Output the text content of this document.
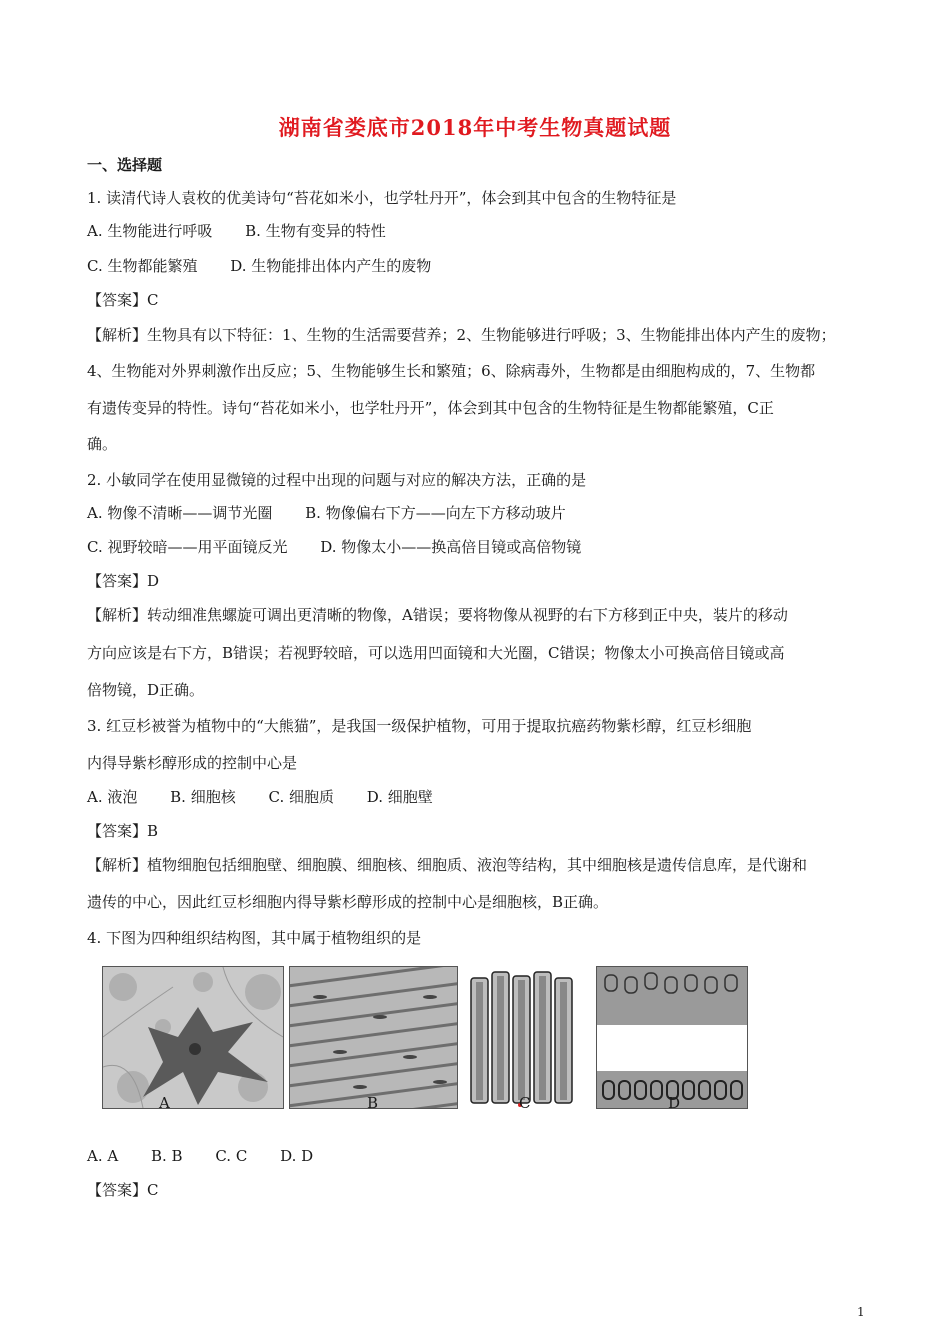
湖南省娄底市2018年中考生物真题试题
一、选择题
1. 读清代诗人袁枚的优美诗句“苔花如米小，也学牡丹开”，体会到其中包含的生物特征是
A. 生物能进行呼吸 B. 生物有变异的特性
C. 生物都能繁殖 D. 生物能排出体内产生的废物
【答案】C
【解析】生物具有以下特征：1、生物的生活需要营养；2、生物能够进行呼吸；3、生物能排出体内产生的废物；
4、生物能对外界刺激作出反应；5、生物能够生长和繁殖；6、除病毒外，生物都是由细胞构成的，7、生物都
有遗传变异的特性。诗句“苔花如米小，也学牡丹开”，体会到其中包含的生物特征是生物都能繁殖，C正
确。
2. 小敏同学在使用显微镜的过程中出现的问题与对应的解决方法，正确的是
A. 物像不清晰——调节光圈 B. 物像偏右下方——向左下方移动玻片
C. 视野较暗——用平面镜反光 D. 物像太小——换高倍目镜或高倍物镜
【答案】D
【解析】转动细准焦螺旋可调出更清晰的物像，A错误；要将物像从视野的右下方移到正中央，装片的移动
方向应该是右下方，B错误；若视野较暗，可以选用凹面镜和大光圈，C错误；物像太小可换高倍目镜或高
倍物镜，D正确。
3. 红豆杉被誉为植物中的“大熊猫”，是我国一级保护植物，可用于提取抗癌药物紫杉醇，红豆杉细胞
内得导紫杉醇形成的控制中心是
A. 液泡 B. 细胞核 C. 细胞质 D. 细胞壁
【答案】B
【解析】植物细胞包括细胞壁、细胞膜、细胞核、细胞质、液泡等结构，其中细胞核是遗传信息库，是代谢和
遗传的中心，因此红豆杉细胞内得导紫杉醇形成的控制中心是细胞核，B正确。
4. 下图为四种组织结构图，其中属于植物组织的是
A	B	C	D
A. A B. B C. C D. D
【答案】C
1
